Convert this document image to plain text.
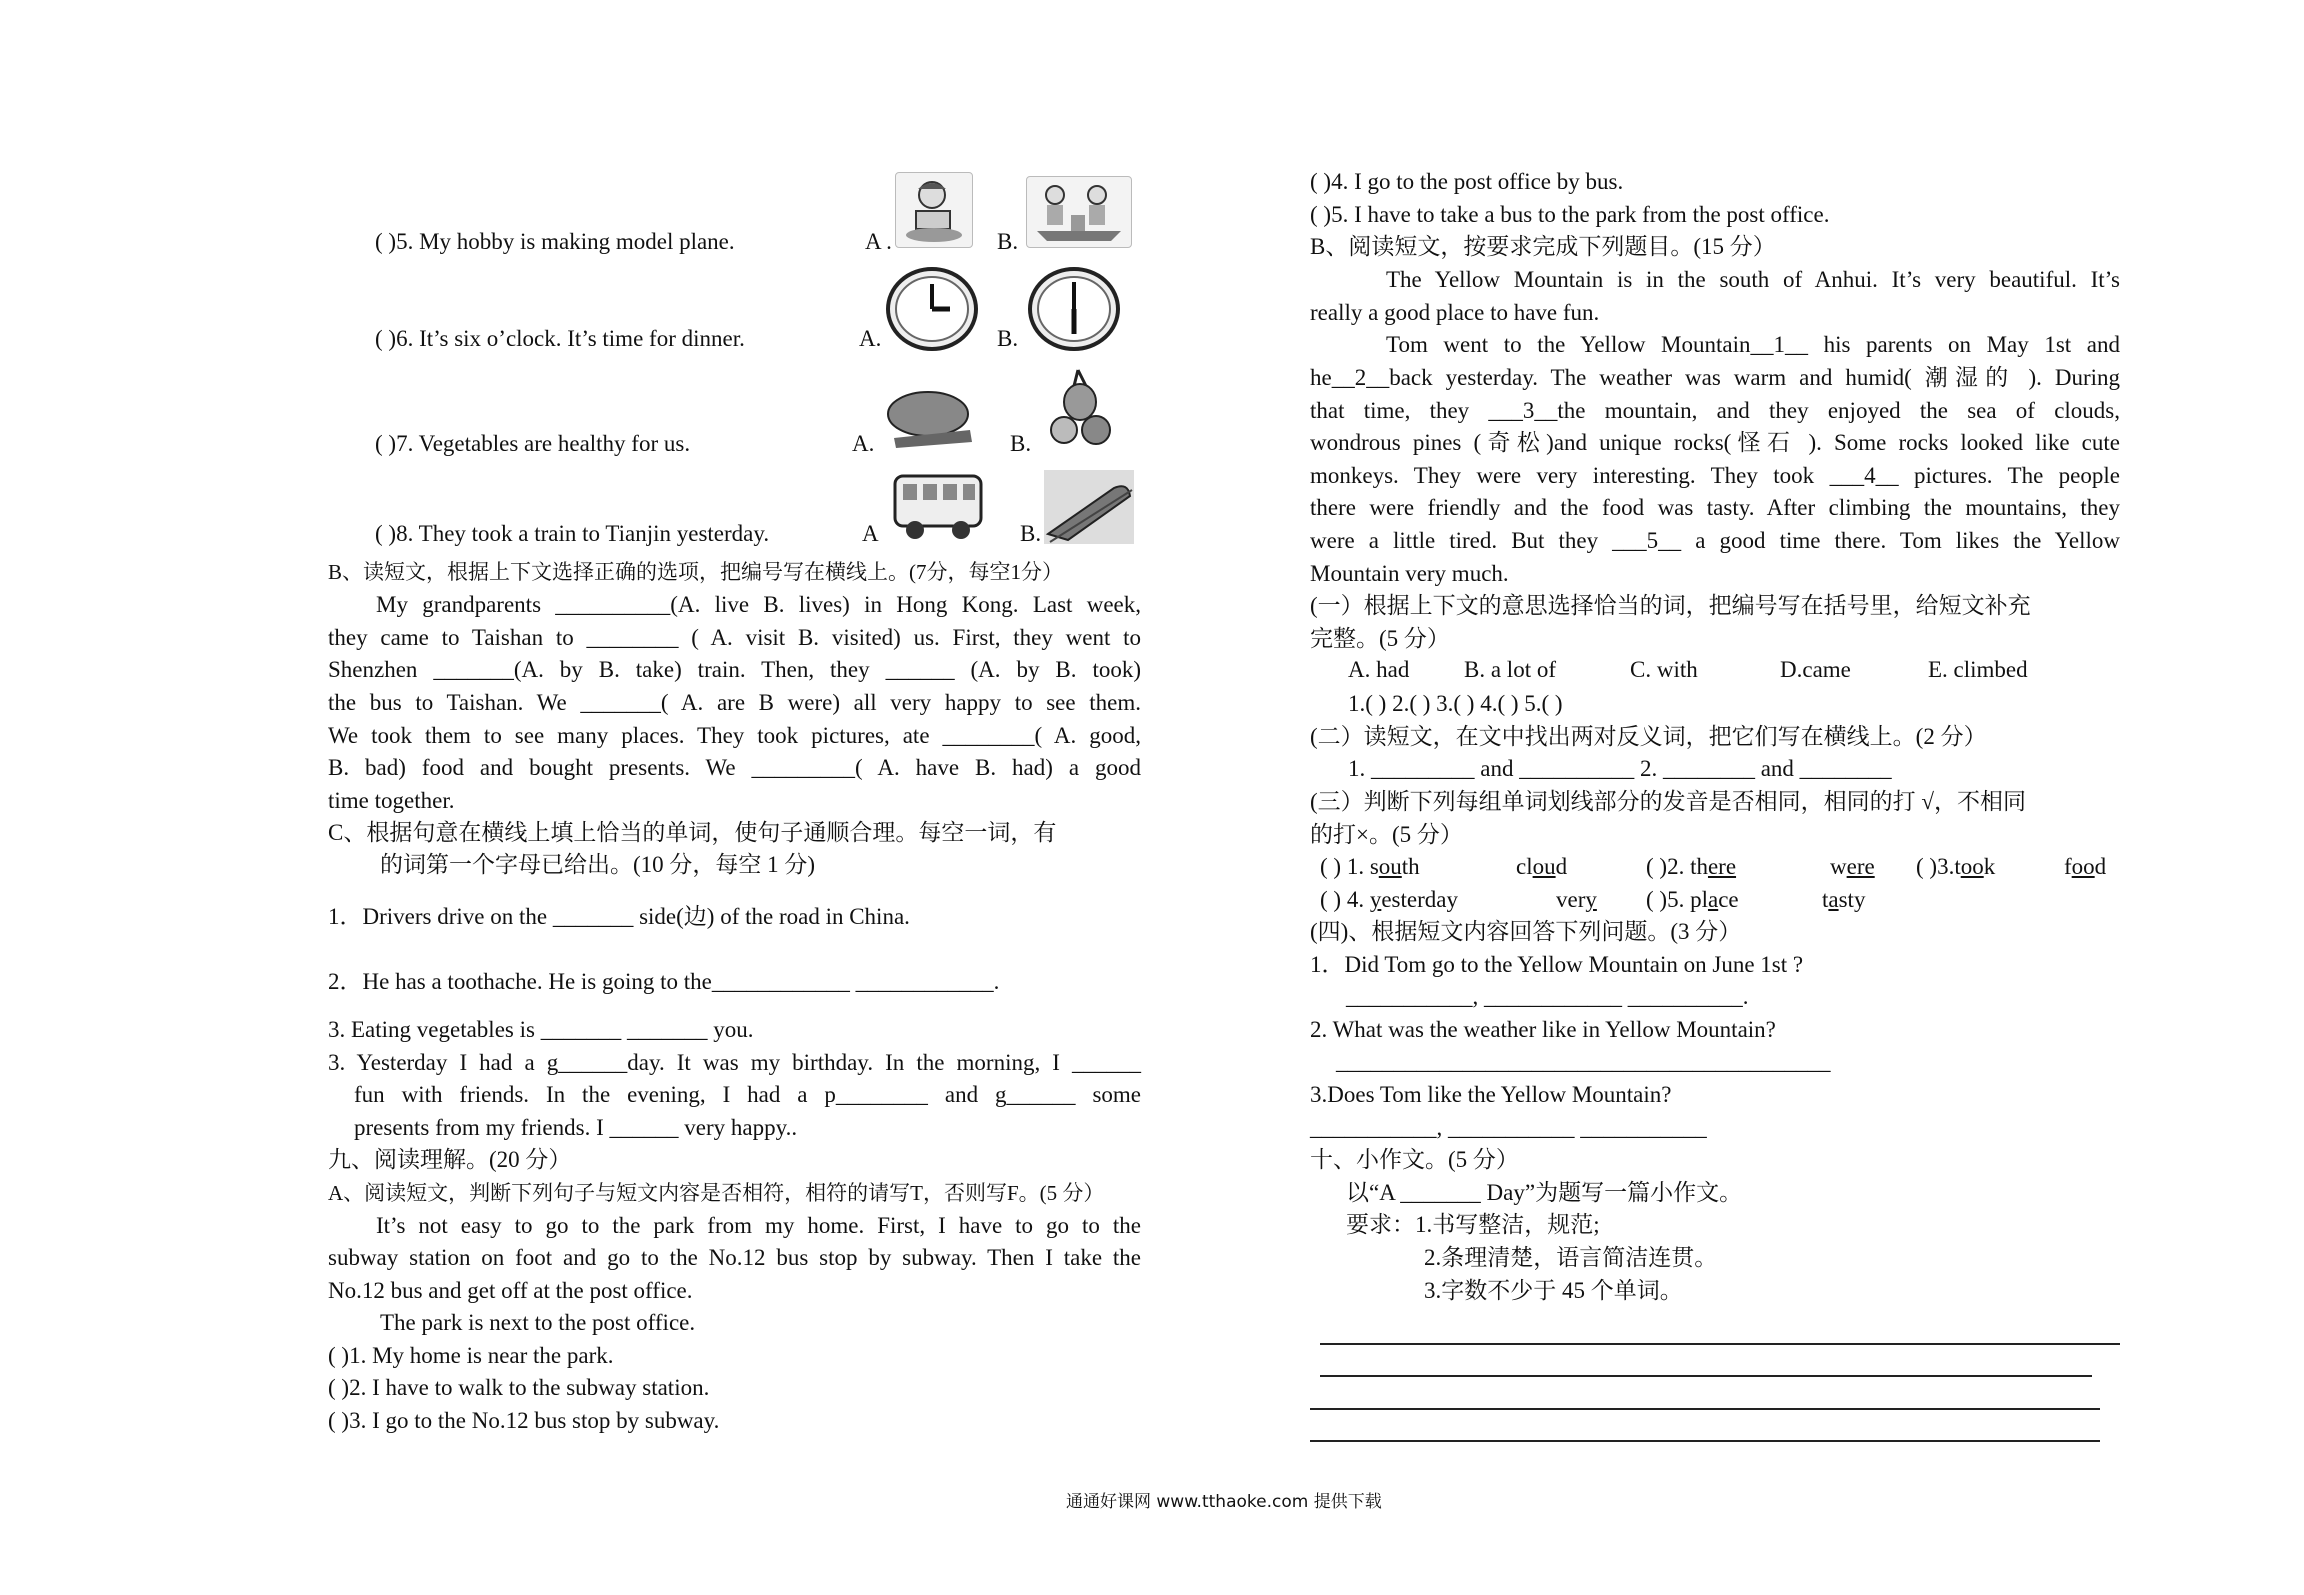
( )5. My hobby is making model plane.	A .	B.
( )6. It’s six o’clock. It’s time for dinner.	A.	B.
( )7. Vegetables are healthy for us.	A.	B.
( )8. They took a train to Tianjin yesterday.	A	B.
B、读短文，根据上下文选择正确的选项，把编号写在横线上。(7分，每空1分）
My grandparents __________(A. live B. lives) in Hong Kong. Last week,
they came to Taishan to ________ ( A. visit B. visited) us. First, they went to
Shenzhen _______(A. by B. take) train. Then, they ______ (A. by B. took)
the bus to Taishan. We _______( A. are B were) all very happy to see them.
We took them to see many places. They took pictures, ate ________( A. good,
B. bad) food and bought presents. We _________( A. have B. had) a good
time together.
C、根据句意在横线上填上恰当的单词，使句子通顺合理。每空一词，有
的词第一个字母已给出。(10 分，每空 1 分)
1．Drivers drive on the _______ side(边) of the road in China.
2．He has a toothache. He is going to the____________ ____________.
3. Eating vegetables is _______ _______ you.
3. Yesterday I had a g______day. It was my birthday. In the morning, I ______
fun with friends. In the evening, I had a p________ and g______ some
presents from my friends. I ______ very happy..
九、阅读理解。(20 分）
A、阅读短文，判断下列句子与短文内容是否相符，相符的请写T，否则写F。(5 分）
It’s not easy to go to the park from my home. First, I have to go to the
subway station on foot and go to the No.12 bus stop by subway. Then I take the
No.12 bus and get off at the post office.
The park is next to the post office.
( )1. My home is near the park.
( )2. I have to walk to the subway station.
( )3. I go to the No.12 bus stop by subway.
( )4. I go to the post office by bus.
( )5. I have to take a bus to the park from the post office.
B、阅读短文，按要求完成下列题目。(15 分）
The Yellow Mountain is in the south of Anhui. It’s very beautiful. It’s
really a good place to have fun.
Tom went to the Yellow Mountain__1__ his parents on May 1st and
he__2__back yesterday. The weather was warm and humid( 潮湿的 ). During
that time, they ___3__the mountain, and they enjoyed the sea of clouds,
wondrous pines (奇松)and unique rocks(怪石 ). Some rocks looked like cute
monkeys. They were very interesting. They took ___4__ pictures. The people
there were friendly and the food was tasty. After climbing the mountains, they
were a little tired. But they ___5__ a good time there. Tom likes the Yellow
Mountain very much.
(一）根据上下文的意思选择恰当的词，把编号写在括号里，给短文补充
完整。(5 分）
A. had B. a lot of	C. with	D.came	E. climbed
1.( ) 2.( ) 3.( ) 4.( ) 5.( )
(二）读短文，在文中找出两对反义词，把它们写在横线上。(2 分）
1. _________ and __________ 2. ________ and ________
(三）判断下列每组单词划线部分的发音是否相同，相同的打 √，不相同
的打×。(5 分）
( ) 1. south	cloud	( )2. there	were ( )3.took	food
( ) 4. yesterday	very ( )5. place	tasty
(四)、根据短文内容回答下列问题。(3 分）
1．Did Tom go to the Yellow Mountain on June 1st ?
___________, ____________ __________.
2. What was the weather like in Yellow Mountain?
___________________________________________
3.Does Tom like the Yellow Mountain?
___________, ___________ ___________
十、小作文。(5 分）
以“A _______ Day”为题写一篇小作文。
要求：1.书写整洁，规范;
2.条理清楚，语言简洁连贯。
3.字数不少于 45 个单词。
通通好课网 www.tthaoke.com 提供下载
